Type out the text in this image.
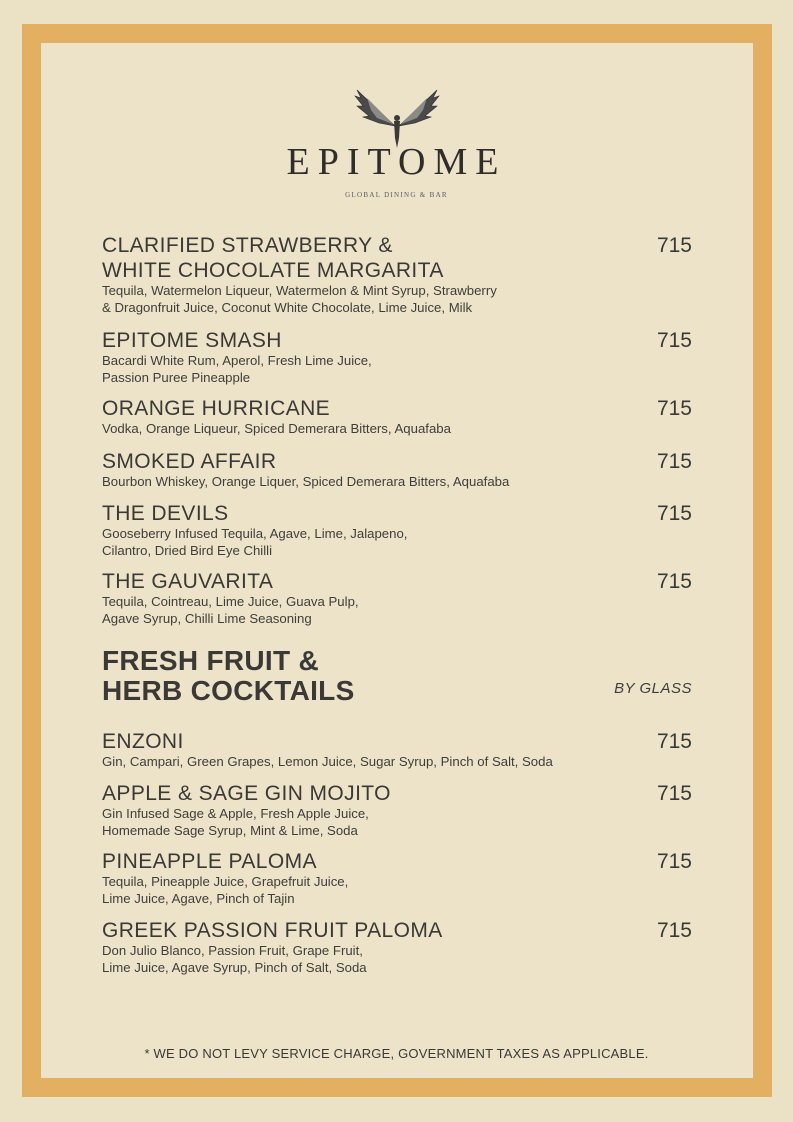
EPITOME
GLOBAL DINING & BAR
CLARIFIED STRAWBERRY &
WHITE CHOCOLATE MARGARITA
715
Tequila, Watermelon Liqueur, Watermelon & Mint Syrup, Strawberry
& Dragonfruit Juice, Coconut White Chocolate, Lime Juice, Milk
EPITOME SMASH	715
Bacardi White Rum, Aperol, Fresh Lime Juice,
Passion Puree Pineapple
ORANGE HURRICANE	715
Vodka, Orange Liqueur, Spiced Demerara Bitters, Aquafaba
SMOKED AFFAIR	715
Bourbon Whiskey, Orange Liquer, Spiced Demerara Bitters, Aquafaba
THE DEVILS	715
Gooseberry Infused Tequila, Agave, Lime, Jalapeno,
Cilantro, Dried Bird Eye Chilli
THE GAUVARITA	715
Tequila, Cointreau, Lime Juice, Guava Pulp,
Agave Syrup, Chilli Lime Seasoning
FRESH FRUIT &
HERB COCKTAILS	BY GLASS
ENZONI	715
Gin, Campari, Green Grapes, Lemon Juice, Sugar Syrup, Pinch of Salt, Soda
APPLE & SAGE GIN MOJITO	715
Gin Infused Sage & Apple, Fresh Apple Juice,
Homemade Sage Syrup, Mint & Lime, Soda
PINEAPPLE PALOMA	715
Tequila, Pineapple Juice, Grapefruit Juice,
Lime Juice, Agave, Pinch of Tajin
GREEK PASSION FRUIT PALOMA	715
Don Julio Blanco, Passion Fruit, Grape Fruit,
Lime Juice, Agave Syrup, Pinch of Salt, Soda
* WE DO NOT LEVY SERVICE CHARGE, GOVERNMENT TAXES AS APPLICABLE.
